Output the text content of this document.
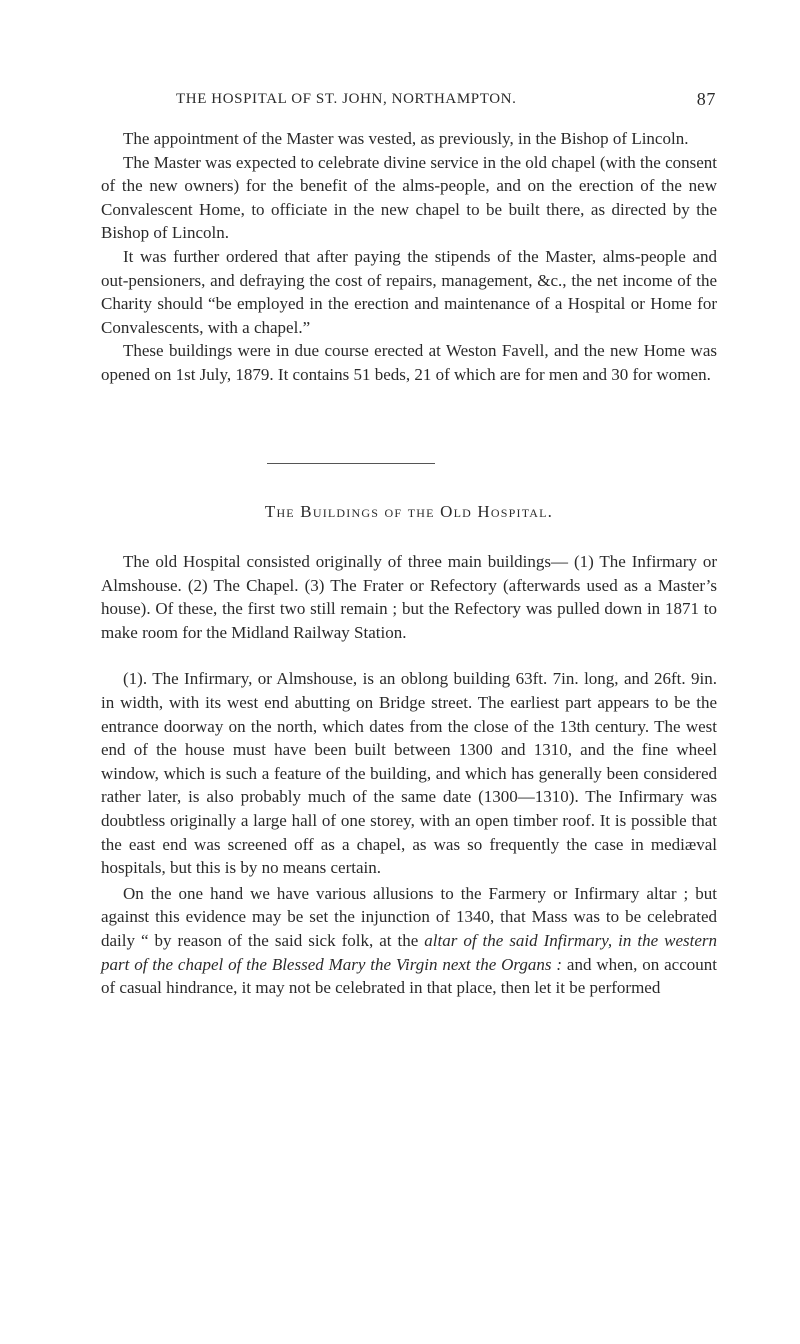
THE HOSPITAL OF ST. JOHN, NORTHAMPTON.	87

The appointment of the Master was vested, as previously, in the Bishop of Lincoln.

The Master was expected to celebrate divine service in the old chapel (with the consent of the new owners) for the benefit of the alms-people, and on the erection of the new Convalescent Home, to officiate in the new chapel to be built there, as directed by the Bishop of Lincoln.

It was further ordered that after paying the stipends of the Master, alms-people and out-pensioners, and defraying the cost of repairs, management, &c., the net income of the Charity should “be employed in the erection and maintenance of a Hospital or Home for Convalescents, with a chapel.”

These buildings were in due course erected at Weston Favell, and the new Home was opened on 1st July, 1879. It contains 51 beds, 21 of which are for men and 30 for women.

The Buildings of the Old Hospital.

The old Hospital consisted originally of three main buildings— (1) The Infirmary or Almshouse. (2) The Chapel. (3) The Frater or Refectory (afterwards used as a Master’s house). Of these, the first two still remain ; but the Refectory was pulled down in 1871 to make room for the Midland Railway Station.

(1). The Infirmary, or Almshouse, is an oblong building 63ft. 7in. long, and 26ft. 9in. in width, with its west end abutting on Bridge street. The earliest part appears to be the entrance doorway on the north, which dates from the close of the 13th century. The west end of the house must have been built between 1300 and 1310, and the fine wheel window, which is such a feature of the building, and which has generally been considered rather later, is also probably much of the same date (1300—1310). The Infirmary was doubtless originally a large hall of one storey, with an open timber roof. It is possible that the east end was screened off as a chapel, as was so frequently the case in mediæval hospitals, but this is by no means certain.

On the one hand we have various allusions to the Farmery or Infirmary altar ; but against this evidence may be set the injunction of 1340, that Mass was to be celebrated daily “ by reason of the said sick folk, at the altar of the said Infirmary, in the western part of the chapel of the Blessed Mary the Virgin next the Organs : and when, on account of casual hindrance, it may not be celebrated in that place, then let it be performed
